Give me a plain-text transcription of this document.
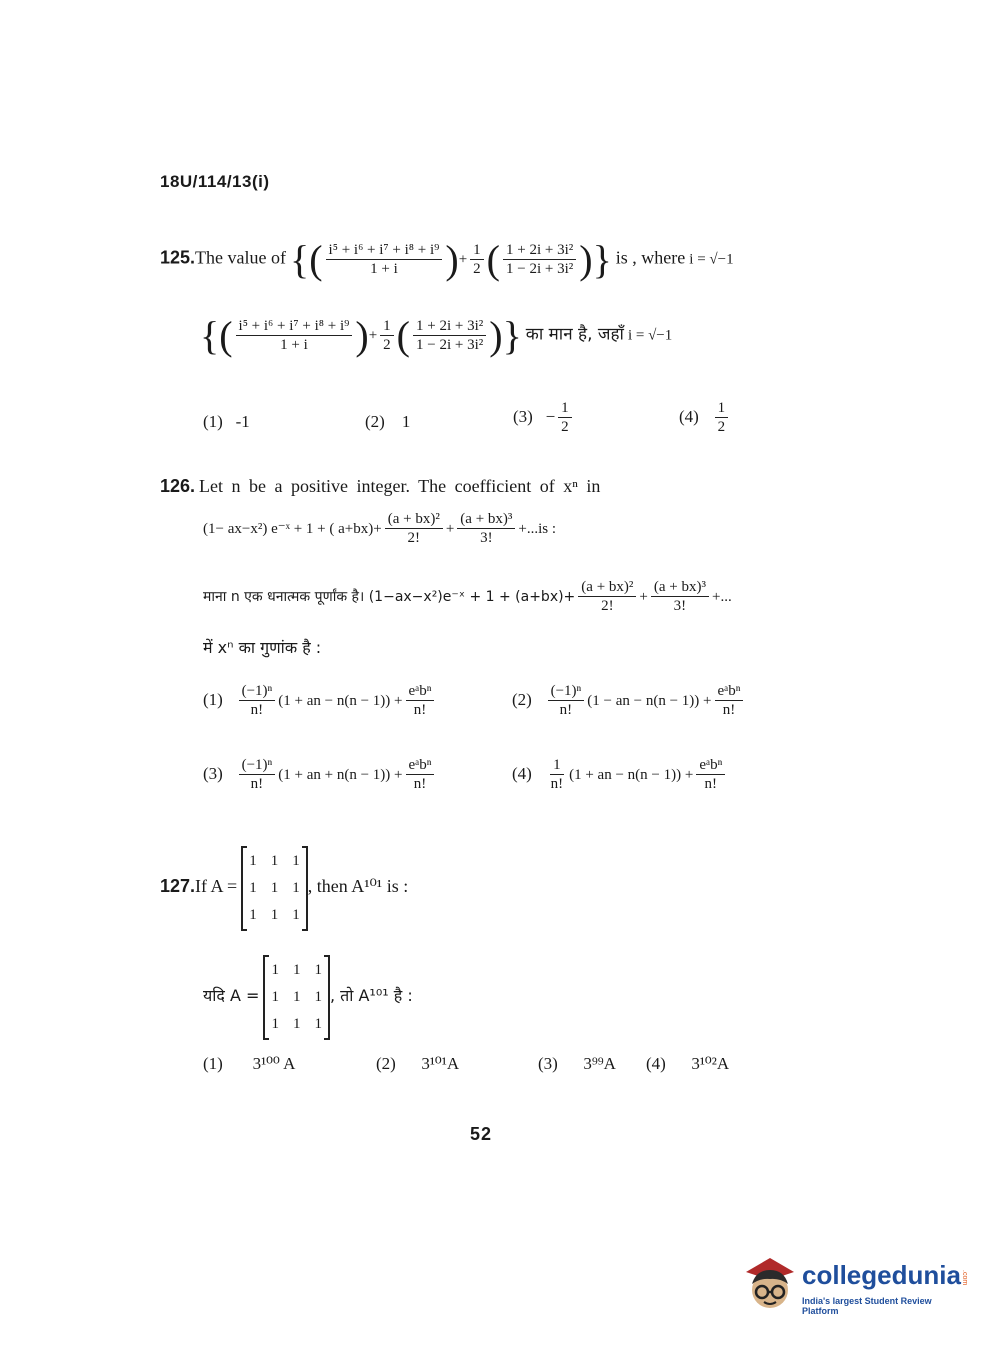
18U/114/13(i)
125.The value of {( $\frac{\text{i⁵ + i⁶ + i⁷ + i⁸ + i⁹}}{1 + i}$ )+ $\frac{1}{2}$ ( $\frac{\text{1 + 2i + 3i²}}{\text{1 − 2i + 3i²}}$ )} is , where i = √−1
{( $\frac{\text{i⁵ + i⁶ + i⁷ + i⁸ + i⁹}}{1 + i}$ )+ $\frac{1}{2}$ ( $\frac{\text{1 + 2i + 3i²}}{\text{1 − 2i + 3i²}}$ )} का मान है, जहाँ i = √−1
(1) -1	(2) 1	$(3) - \frac{1}{2}$	$(4) \frac{1}{2}$
126. Let n be a positive integer. The coefficient of xⁿ in
(1− ax−x²) e⁻ˣ + 1 + ( $a+bx)+ \frac{\text{(a + bx)²}}{2!} + \frac{\text{(a + bx)³}}{3!} +...is$ :
माना n एक धनात्मक पूर्णांक है। (1−ax−x²)e⁻ˣ + $1 + (a+bx)+ \frac{\text{(a + bx)²}}{2!} + \frac{\text{(a + bx)³}}{3!}$ +...
में xⁿ का गुणांक है :
$(1) \frac{\text{(−1)ⁿ}}{n!} (1$ + an − $n(n - 1)) + \frac{\text{eᵃbⁿ}}{n!}$	$(2) \frac{\text{(−1)ⁿ}}{n!} (1$ − an − $n(n - 1)) + \frac{\text{eᵃbⁿ}}{n!}$
$(3) \frac{\text{(−1)ⁿ}}{n!} (1$ + an + $n(n - 1)) + \frac{\text{eᵃbⁿ}}{n!}$	$(4) \frac{1}{n!} (1$ + an − $n(n - 1)) + \frac{\text{eᵃbⁿ}}{n!}$
127.If A =
1 1 1
1 1 1
1 1 1
, then A¹⁰¹ is :
यदि A =
1 1 1
1 1 1
1 1 1
, तो A¹⁰¹ है :
(1) 3¹⁰⁰ A	(2) 3¹⁰¹A	(3) 3⁹⁹A (4) 3¹⁰²A
52
collegedunia .com
India's largest Student Review Platform
